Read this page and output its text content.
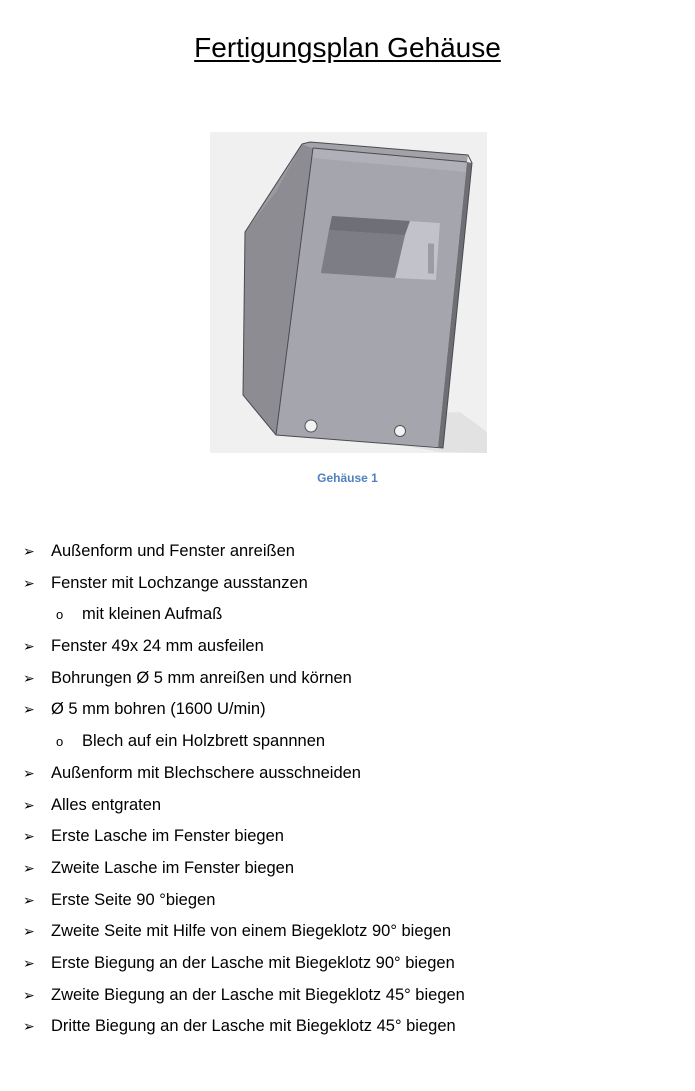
Fertigungsplan Gehäuse
Gehäuse 1
➢ Außenform und Fenster anreißen
➢ Fenster mit Lochzange ausstanzen
o mit kleinen Aufmaß
➢ Fenster 49x 24 mm ausfeilen
➢ Bohrungen Ø 5 mm anreißen und körnen
➢ Ø 5 mm bohren (1600 U/min)
o Blech auf ein Holzbrett spannnen
➢ Außenform mit Blechschere ausschneiden
➢ Alles entgraten
➢ Erste Lasche im Fenster biegen
➢ Zweite Lasche im Fenster biegen
➢ Erste Seite 90 °biegen
➢ Zweite Seite mit Hilfe von einem Biegeklotz 90° biegen
➢ Erste Biegung an der Lasche mit Biegeklotz 90° biegen
➢ Zweite Biegung an der Lasche mit Biegeklotz 45° biegen
➢ Dritte Biegung an der Lasche mit Biegeklotz 45° biegen
